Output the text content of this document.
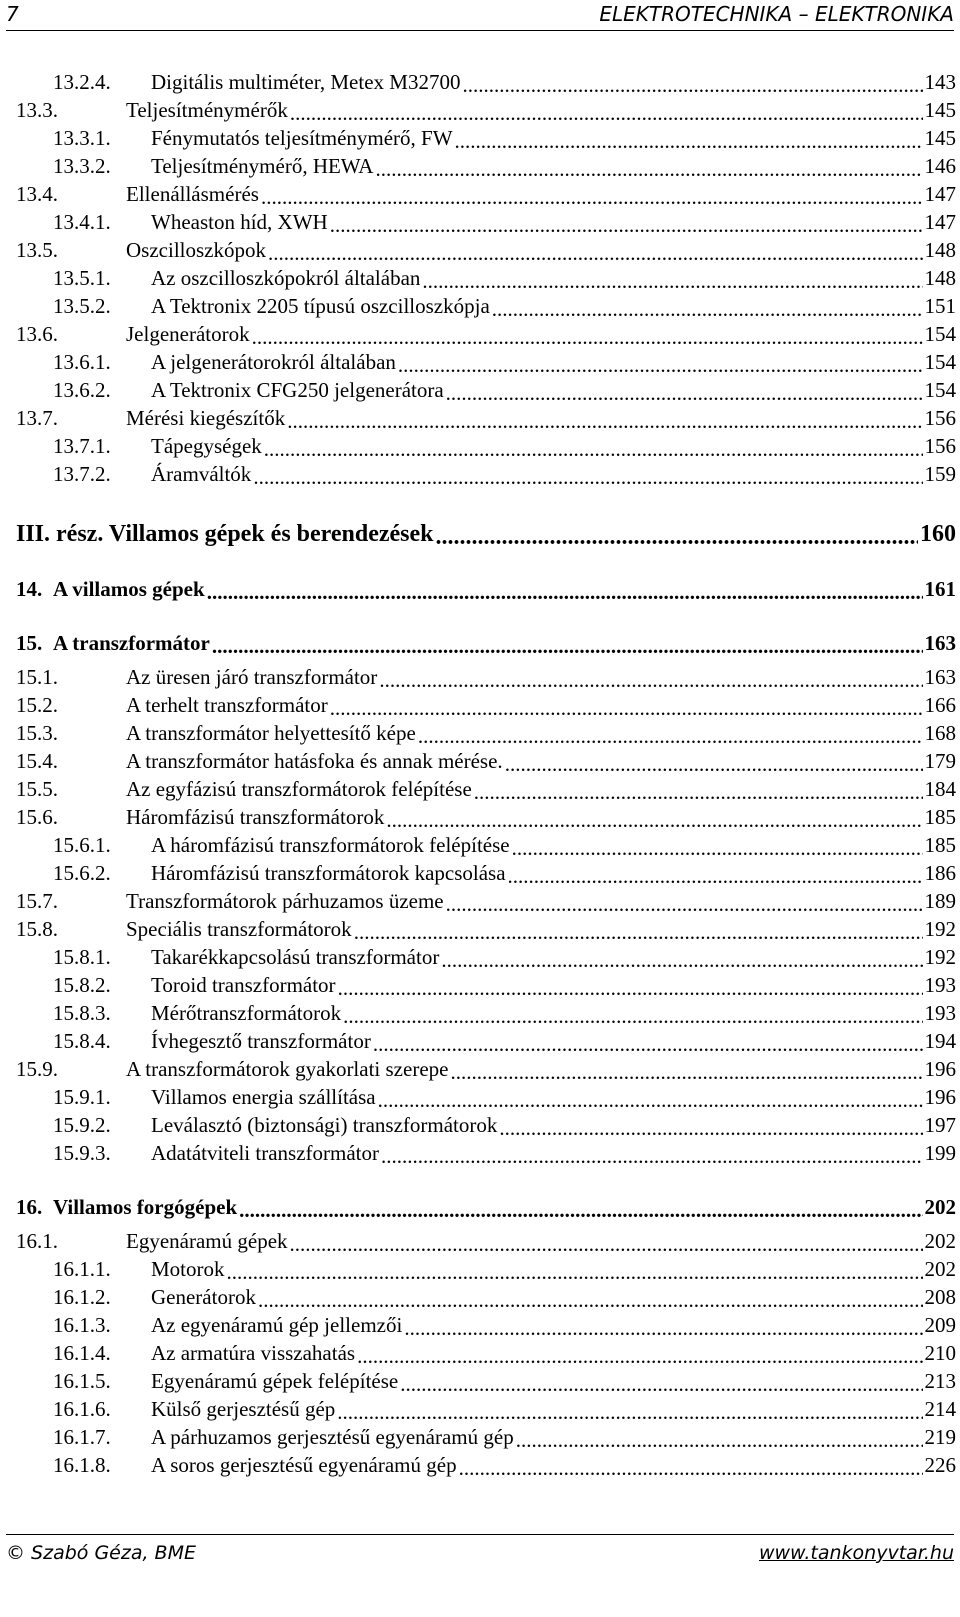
7	ELEKTROTECHNIKA – ELEKTRONIKA
13.2.4.	Digitális multiméter, Metex M32700 .....	143
13.3.	Teljesítménymérők .....	145
13.3.1.	Fénymutatós teljesítménymérő, FW .....	145
13.3.2.	Teljesítménymérő, HEWA .....	146
13.4.	Ellenállásmérés .....	147
13.4.1.	Wheaston híd, XWH .....	147
13.5.	Oszcilloszkópok .....	148
13.5.1.	Az oszcilloszkópokról általában .....	148
13.5.2.	A Tektronix 2205 típusú oszcilloszkópja .....	151
13.6.	Jelgenerátorok .....	154
13.6.1.	A jelgenerátorokról általában .....	154
13.6.2.	A Tektronix CFG250 jelgenerátora .....	154
13.7.	Mérési kiegészítők .....	156
13.7.1.	Tápegységek .....	156
13.7.2.	Áramváltók .....	159
III. rész. Villamos gépek és berendezések .....	160
14. A villamos gépek .....	161
15. A transzformátor .....	163
15.1.	Az üresen járó transzformátor .....	163
15.2.	A terhelt transzformátor .....	166
15.3.	A transzformátor helyettesítő képe .....	168
15.4.	A transzformátor hatásfoka és annak mérése. .....	179
15.5.	Az egyfázisú transzformátorok felépítése .....	184
15.6.	Háromfázisú transzformátorok .....	185
15.6.1.	A háromfázisú transzformátorok felépítése .....	185
15.6.2.	Háromfázisú transzformátorok kapcsolása .....	186
15.7.	Transzformátorok párhuzamos üzeme .....	189
15.8.	Speciális transzformátorok .....	192
15.8.1.	Takarékkapcsolású transzformátor .....	192
15.8.2.	Toroid transzformátor .....	193
15.8.3.	Mérőtranszformátorok .....	193
15.8.4.	Ívhegesztő transzformátor .....	194
15.9.	A transzformátorok gyakorlati szerepe .....	196
15.9.1.	Villamos energia szállítása .....	196
15.9.2.	Leválasztó (biztonsági) transzformátorok .....	197
15.9.3.	Adatátviteli transzformátor .....	199
16. Villamos forgógépek .....	202
16.1.	Egyenáramú gépek .....	202
16.1.1.	Motorok .....	202
16.1.2.	Generátorok .....	208
16.1.3.	Az egyenáramú gép jellemzői .....	209
16.1.4.	Az armatúra visszahatás .....	210
16.1.5.	Egyenáramú gépek felépítése .....	213
16.1.6.	Külső gerjesztésű gép .....	214
16.1.7.	A párhuzamos gerjesztésű egyenáramú gép .....	219
16.1.8.	A soros gerjesztésű egyenáramú gép .....	226
© Szabó Géza, BME	www.tankonyvtar.hu
